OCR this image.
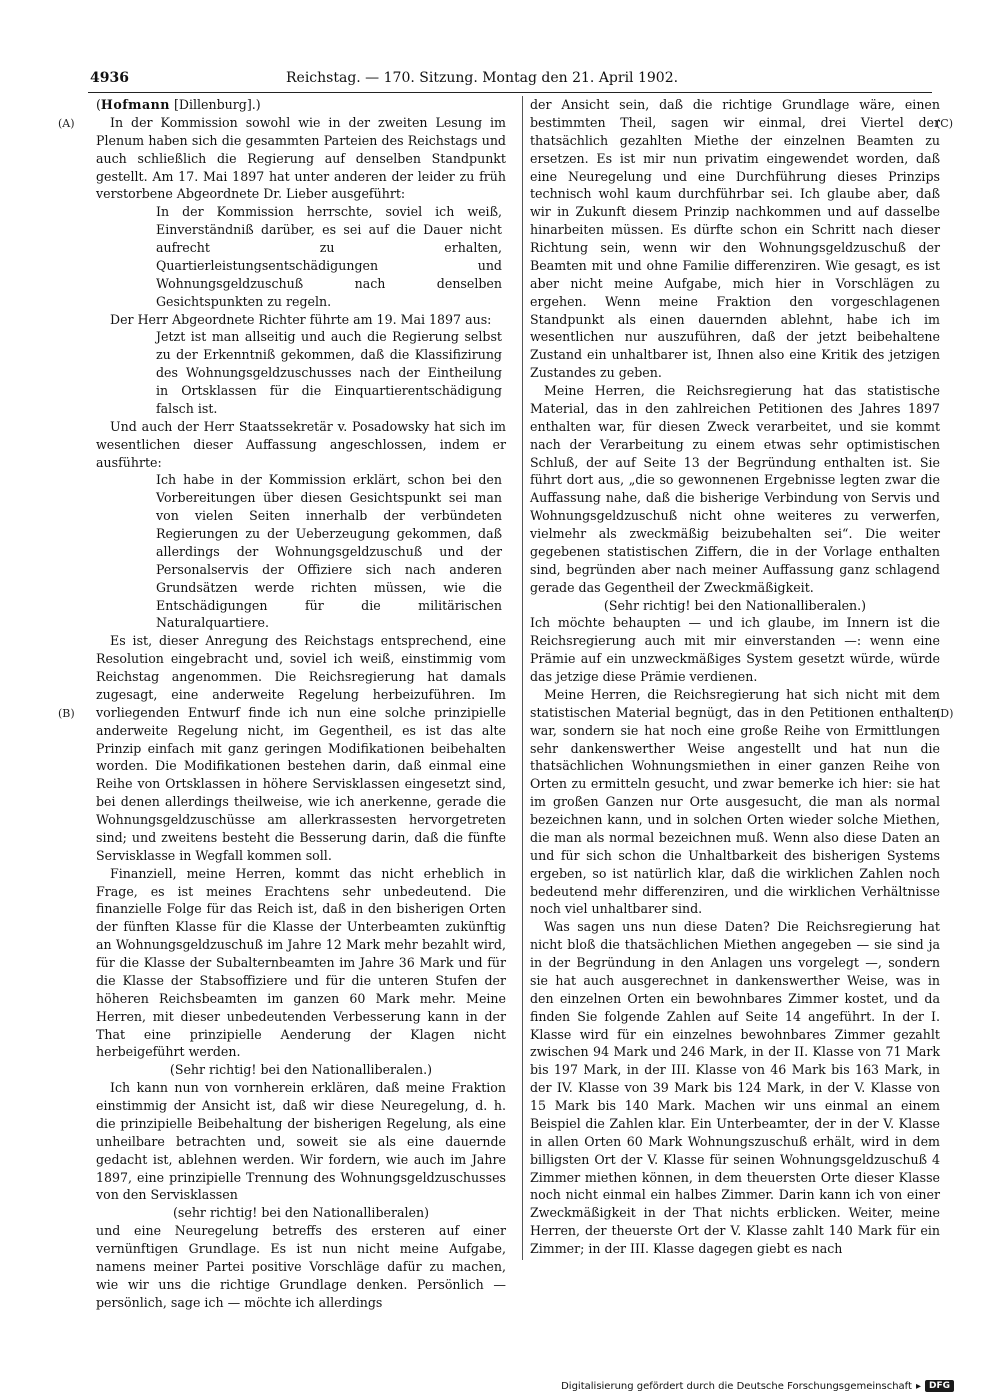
4936	Reichstag. — 170. Sitzung. Montag den 21. April 1902.
(A)
(B)
(C)
(D)

(Hofmann [Dillenburg].)

In der Kommission sowohl wie in der zweiten Lesung im Plenum haben sich die gesammten Parteien des Reichstags und auch schließlich die Regierung auf denselben Standpunkt gestellt. Am 17. Mai 1897 hat unter anderen der leider zu früh verstorbene Abgeordnete Dr. Lieber ausgeführt:

In der Kommission herrschte, soviel ich weiß, Einverständniß darüber, es sei auf die Dauer nicht aufrecht zu erhalten, Quartierleistungsentschädigungen und Wohnungsgeldzuschuß nach denselben Gesichtspunkten zu regeln.

Der Herr Abgeordnete Richter führte am 19. Mai 1897 aus:

Jetzt ist man allseitig und auch die Regierung selbst zu der Erkenntniß gekommen, daß die Klassifizirung des Wohnungsgeldzuschusses nach der Eintheilung in Ortsklassen für die Einquartierentschädigung falsch ist.

Und auch der Herr Staatssekretär v. Posadowsky hat sich im wesentlichen dieser Auffassung angeschlossen, indem er ausführte:

Ich habe in der Kommission erklärt, schon bei den Vorbereitungen über diesen Gesichtspunkt sei man von vielen Seiten innerhalb der verbündeten Regierungen zu der Ueberzeugung gekommen, daß allerdings der Wohnungsgeldzuschuß und der Personalservis der Offiziere sich nach anderen Grundsätzen werde richten müssen, wie die Entschädigungen für die militärischen Naturalquartiere.

Es ist, dieser Anregung des Reichstags entsprechend, eine Resolution eingebracht und, soviel ich weiß, einstimmig vom Reichstag angenommen. Die Reichsregierung hat damals zugesagt, eine anderweite Regelung herbeizuführen. Im vorliegenden Entwurf finde ich nun eine solche prinzipielle anderweite Regelung nicht, im Gegentheil, es ist das alte Prinzip einfach mit ganz geringen Modifikationen beibehalten worden. Die Modifikationen bestehen darin, daß einmal eine Reihe von Ortsklassen in höhere Servisklassen eingesetzt sind, bei denen allerdings theilweise, wie ich anerkenne, gerade die Wohnungsgeldzuschüsse am allerkrassesten hervorgetreten sind; und zweitens besteht die Besserung darin, daß die fünfte Servisklasse in Wegfall kommen soll.

Finanziell, meine Herren, kommt das nicht erheblich in Frage, es ist meines Erachtens sehr unbedeutend. Die finanzielle Folge für das Reich ist, daß in den bisherigen Orten der fünften Klasse für die Klasse der Unterbeamten zukünftig an Wohnungsgeldzuschuß im Jahre 12 Mark mehr bezahlt wird, für die Klasse der Subalternbeamten im Jahre 36 Mark und für die Klasse der Stabsoffiziere und für die unteren Stufen der höheren Reichsbeamten im ganzen 60 Mark mehr. Meine Herren, mit dieser unbedeutenden Verbesserung kann in der That eine prinzipielle Aenderung der Klagen nicht herbeigeführt werden.

(Sehr richtig! bei den Nationalliberalen.)

Ich kann nun von vornherein erklären, daß meine Fraktion einstimmig der Ansicht ist, daß wir diese Neuregelung, d. h. die prinzipielle Beibehaltung der bisherigen Regelung, als eine unheilbare betrachten und, soweit sie als eine dauernde gedacht ist, ablehnen werden. Wir fordern, wie auch im Jahre 1897, eine prinzipielle Trennung des Wohnungsgeldzuschusses von den Servisklassen

(sehr richtig! bei den Nationalliberalen)

und eine Neuregelung betreffs des ersteren auf einer vernünftigen Grundlage. Es ist nun nicht meine Aufgabe, namens meiner Partei positive Vorschläge dafür zu machen, wie wir uns die richtige Grundlage denken. Persönlich — persönlich, sage ich — möchte ich allerdings

der Ansicht sein, daß die richtige Grundlage wäre, einen bestimmten Theil, sagen wir einmal, drei Viertel der thatsächlich gezahlten Miethe der einzelnen Beamten zu ersetzen. Es ist mir nun privatim eingewendet worden, daß eine Neuregelung und eine Durchführung dieses Prinzips technisch wohl kaum durchführbar sei. Ich glaube aber, daß wir in Zukunft diesem Prinzip nachkommen und auf dasselbe hinarbeiten müssen. Es dürfte schon ein Schritt nach dieser Richtung sein, wenn wir den Wohnungsgeldzuschuß der Beamten mit und ohne Familie differenziren. Wie gesagt, es ist aber nicht meine Aufgabe, mich hier in Vorschlägen zu ergehen. Wenn meine Fraktion den vorgeschlagenen Standpunkt als einen dauernden ablehnt, habe ich im wesentlichen nur auszuführen, daß der jetzt beibehaltene Zustand ein unhaltbarer ist, Ihnen also eine Kritik des jetzigen Zustandes zu geben.

Meine Herren, die Reichsregierung hat das statistische Material, das in den zahlreichen Petitionen des Jahres 1897 enthalten war, für diesen Zweck verarbeitet, und sie kommt nach der Verarbeitung zu einem etwas sehr optimistischen Schluß, der auf Seite 13 der Begründung enthalten ist. Sie führt dort aus, „die so gewonnenen Ergebnisse legten zwar die Auffassung nahe, daß die bisherige Verbindung von Servis und Wohnungsgeldzuschuß nicht ohne weiteres zu verwerfen, vielmehr als zweckmäßig beizubehalten sei“. Die weiter gegebenen statistischen Ziffern, die in der Vorlage enthalten sind, begründen aber nach meiner Auffassung ganz schlagend gerade das Gegentheil der Zweckmäßigkeit.

(Sehr richtig! bei den Nationalliberalen.)

Ich möchte behaupten — und ich glaube, im Innern ist die Reichsregierung auch mit mir einverstanden —: wenn eine Prämie auf ein unzweckmäßiges System gesetzt würde, würde das jetzige diese Prämie verdienen.

Meine Herren, die Reichsregierung hat sich nicht mit dem statistischen Material begnügt, das in den Petitionen enthalten war, sondern sie hat noch eine große Reihe von Ermittlungen sehr dankenswerther Weise angestellt und hat nun die thatsächlichen Wohnungsmiethen in einer ganzen Reihe von Orten zu ermitteln gesucht, und zwar bemerke ich hier: sie hat im großen Ganzen nur Orte ausgesucht, die man als normal bezeichnen kann, und in solchen Orten wieder solche Miethen, die man als normal bezeichnen muß. Wenn also diese Daten an und für sich schon die Unhaltbarkeit des bisherigen Systems ergeben, so ist natürlich klar, daß die wirklichen Zahlen noch bedeutend mehr differenziren, und die wirklichen Verhältnisse noch viel unhaltbarer sind.

Was sagen uns nun diese Daten? Die Reichsregierung hat nicht bloß die thatsächlichen Miethen angegeben — sie sind ja in der Begründung in den Anlagen uns vorgelegt —, sondern sie hat auch ausgerechnet in dankenswerther Weise, was in den einzelnen Orten ein bewohnbares Zimmer kostet, und da finden Sie folgende Zahlen auf Seite 14 angeführt. In der I. Klasse wird für ein einzelnes bewohnbares Zimmer gezahlt zwischen 94 Mark und 246 Mark, in der II. Klasse von 71 Mark bis 197 Mark, in der III. Klasse von 46 Mark bis 163 Mark, in der IV. Klasse von 39 Mark bis 124 Mark, in der V. Klasse von 15 Mark bis 140 Mark. Machen wir uns einmal an einem Beispiel die Zahlen klar. Ein Unterbeamter, der in der V. Klasse in allen Orten 60 Mark Wohnungszuschuß erhält, wird in dem billigsten Ort der V. Klasse für seinen Wohnungsgeldzuschuß 4 Zimmer miethen können, in dem theuersten Orte dieser Klasse noch nicht einmal ein halbes Zimmer. Darin kann ich von einer Zweckmäßigkeit in der That nichts erblicken. Weiter, meine Herren, der theuerste Ort der V. Klasse zahlt 140 Mark für ein Zimmer; in der III. Klasse dagegen giebt es nach

Digitalisierung gefördert durch die Deutsche Forschungsgemeinschaft ▸ DFG
